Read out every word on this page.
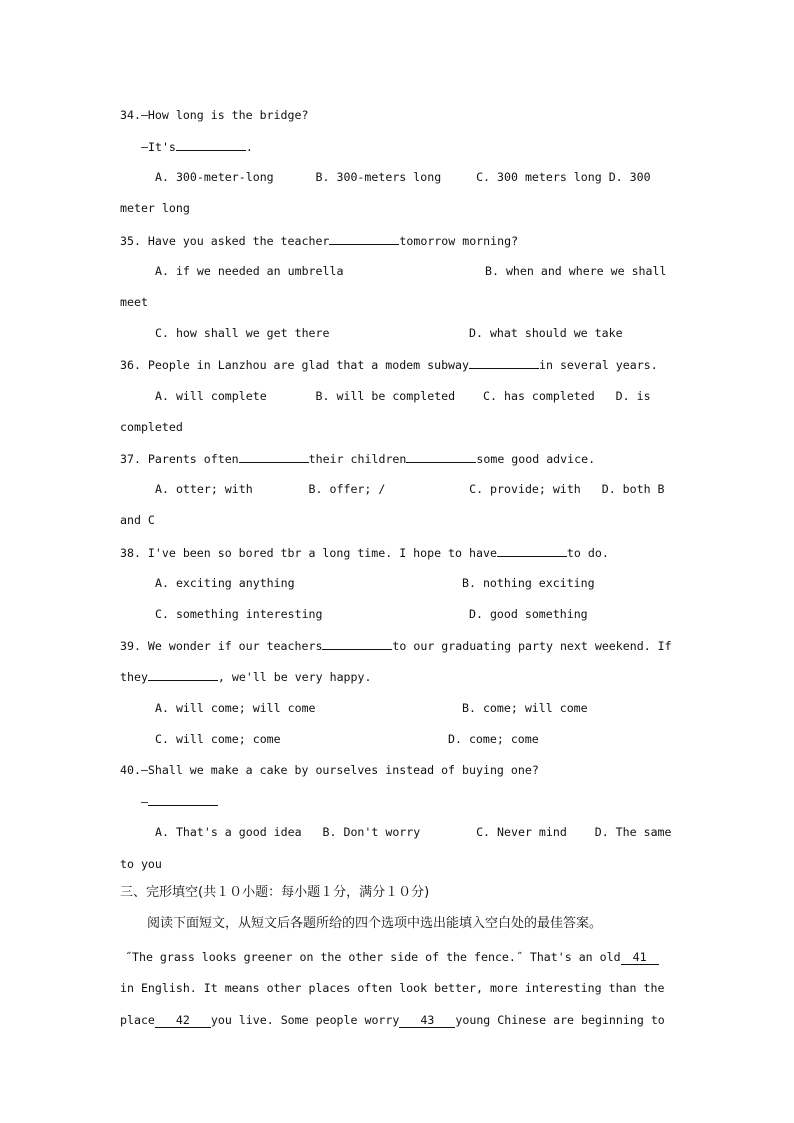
34.—How long is the bridge?
—It's	.
A. 300-meter-long      B. 300-meters long     C. 300 meters long D. 300
meter long
35. Have you asked the teacher	tomorrow morning?
A. if we needed an umbrella	B. when and where we shall
meet
C. how shall we get there	D. what should we take
36. People in Lanzhou are glad that a modem subway	in several years.
A. will complete       B. will be completed    C. has completed   D. is
completed
37. Parents often	their children	some good advice.
A. otter; with        B. offer; /            C. provide; with   D. both B
and C
38. I've been so bored tbr a long time. I hope to have	to do.
A. exciting anything	B. nothing exciting
C. something interesting	D. good something
39. We wonder if our teachers	to our graduating party next weekend. If
they	, we'll be very happy.
A. will come; will come	B. come; will come
C. will come; come	D. come; come
40.—Shall we make a cake by ourselves instead of buying one?
—
A. That's a good idea   B. Don't worry        C. Never mind    D. The same
to you
三、完形填空(共１０小题：每小题１分，满分１０分)
阅读下面短文，从短文后各题所给的四个选项中选出能填入空白处的最佳答案。
˝The grass looks greener on the other side of the fence.˝ That's an old 41
in English. It means other places often look better, more interesting than the
place 42 you live. Some people worry 43 young Chinese are beginning to
